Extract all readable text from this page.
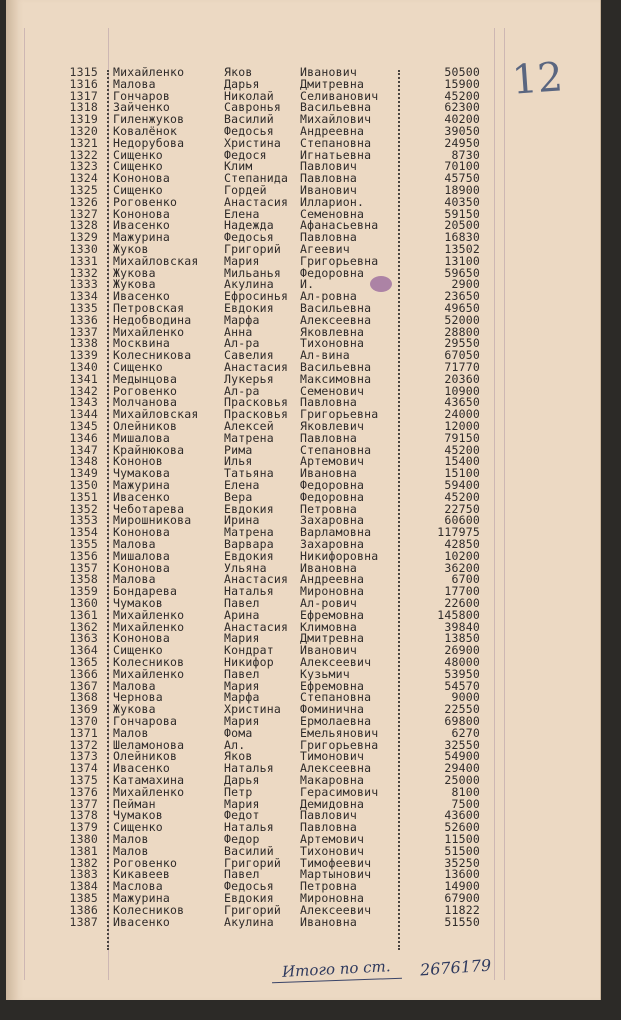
12
1315 Михайленко	Яков	Иванович	50500
1316 Малова	Дарья	Дмитревна	15900
1317 Гончаров	Николай Селиванович	45200
1318 Зайченко	Савронья Васильевна	62300
1319 Гиленжуков	Василий Михайлович	40200
1320 Ковалёнок	Федосья Андреевна	39050
1321 Недорубова	Христина Степановна	24950
1322 Сищенко	Федося	Игнатьевна	8730
1323 Сищенко	Клим	Павлович	70100
1324 Кононова	Степанида Павловна	45750
1325 Сищенко	Гордей	Иванович	18900
1326 Роговенко	Анастасия Илларион.	40350
1327 Кононова	Елена	Семеновна	59150
1328 Ивасенко	Надежда Афанасьевна	20500
1329 Мажурина	Федосья Павловна	16830
1330 Жуков	Григорий Агеевич	13502
1331 Михайловская Мария	Григорьевна	13100
1332 Жукова	Мильанья Федоровна	59650
1333 Жукова	Акулина И.	2900
1334 Ивасенко	Ефросинья Ал-ровна	23650
1335 Петровская	Евдокия Васильевна	49650
1336 Недобводина	Марфа	Алексеевна	52000
1337 Михайленко	Анна	Яковлевна	28800
1338 Москвина	Ал-ра	Тихоновна	29550
1339 Колесникова	Савелия Ал-вина	67050
1340 Сищенко	Анастасия Васильевна	71770
1341 Медынцова	Лукерья Максимовна	20360
1342 Роговенко	Ал-ра	Семенович	10900
1343 Молчанова	Прасковья Павловна	43650
1344 Михайловская Прасковья Григорьевна	24000
1345 Олейников	Алексей Яковлевич	12000
1346 Мишалова	Матрена Павловна	79150
1347 Крайнюкова	Рима	Степановна	45200
1348 Кононов	Илья	Артемович	15400
1349 Чумакова	Татьяна Ивановна	15100
1350 Мажурина	Елена	Федоровна	59400
1351 Ивасенко	Вера	Федоровна	45200
1352 Чеботарева	Евдокия Петровна	22750
1353 Мирошникова	Ирина	Захаровна	60600
1354 Кононова	Матрена Варламовна	117975
1355 Малова	Варвара Захаровна	42850
1356 Мишалова	Евдокия Никифоровна	10200
1357 Кононова	Ульяна	Ивановна	36200
1358 Малова	Анастасия Андреевна	6700
1359 Бондарева	Наталья Мироновна	17700
1360 Чумаков	Павел	Ал-рович	22600
1361 Михайленко	Арина	Ефремовна	145800
1362 Михайленко	Анастасия Климовна	39840
1363 Кононова	Мария	Дмитревна	13850
1364 Сищенко	Кондрат Иванович	26900
1365 Колесников	Никифор Алексеевич	48000
1366 Михайленко	Павел	Кузьмич	53950
1367 Малова	Мария	Ефремовна	54570
1368 Чернова	Марфа	Степановна	9000
1369 Жукова	Христина Фоминична	22550
1370 Гончарова	Мария	Ермолаевна	69800
1371 Малов	Фома	Емельянович	6270
1372 Шеламонова	Ал.	Григорьевна	32550
1373 Олейников	Яков	Тимонович	54900
1374 Ивасенко	Наталья Алексеевна	29400
1375 Катамахина	Дарья	Макаровна	25000
1376 Михайленко	Петр	Герасимович	8100
1377 Пейман	Мария	Демидовна	7500
1378 Чумаков	Федот	Павлович	43600
1379 Сищенко	Наталья Павловна	52600
1380 Малов	Федор	Артемович	11500
1381 Малов	Василий Тихонович	51500
1382 Роговенко	Григорий Тимофеевич	35250
1383 Кикавеев	Павел	Мартынович	13600
1384 Маслова	Федосья Петровна	14900
1385 Мажурина	Евдокия Мироновна	67900
1386 Колесников	Григорий Алексеевич	11822
1387 Ивасенко	Акулина Ивановна	51550
Итого по ст. 2676179
